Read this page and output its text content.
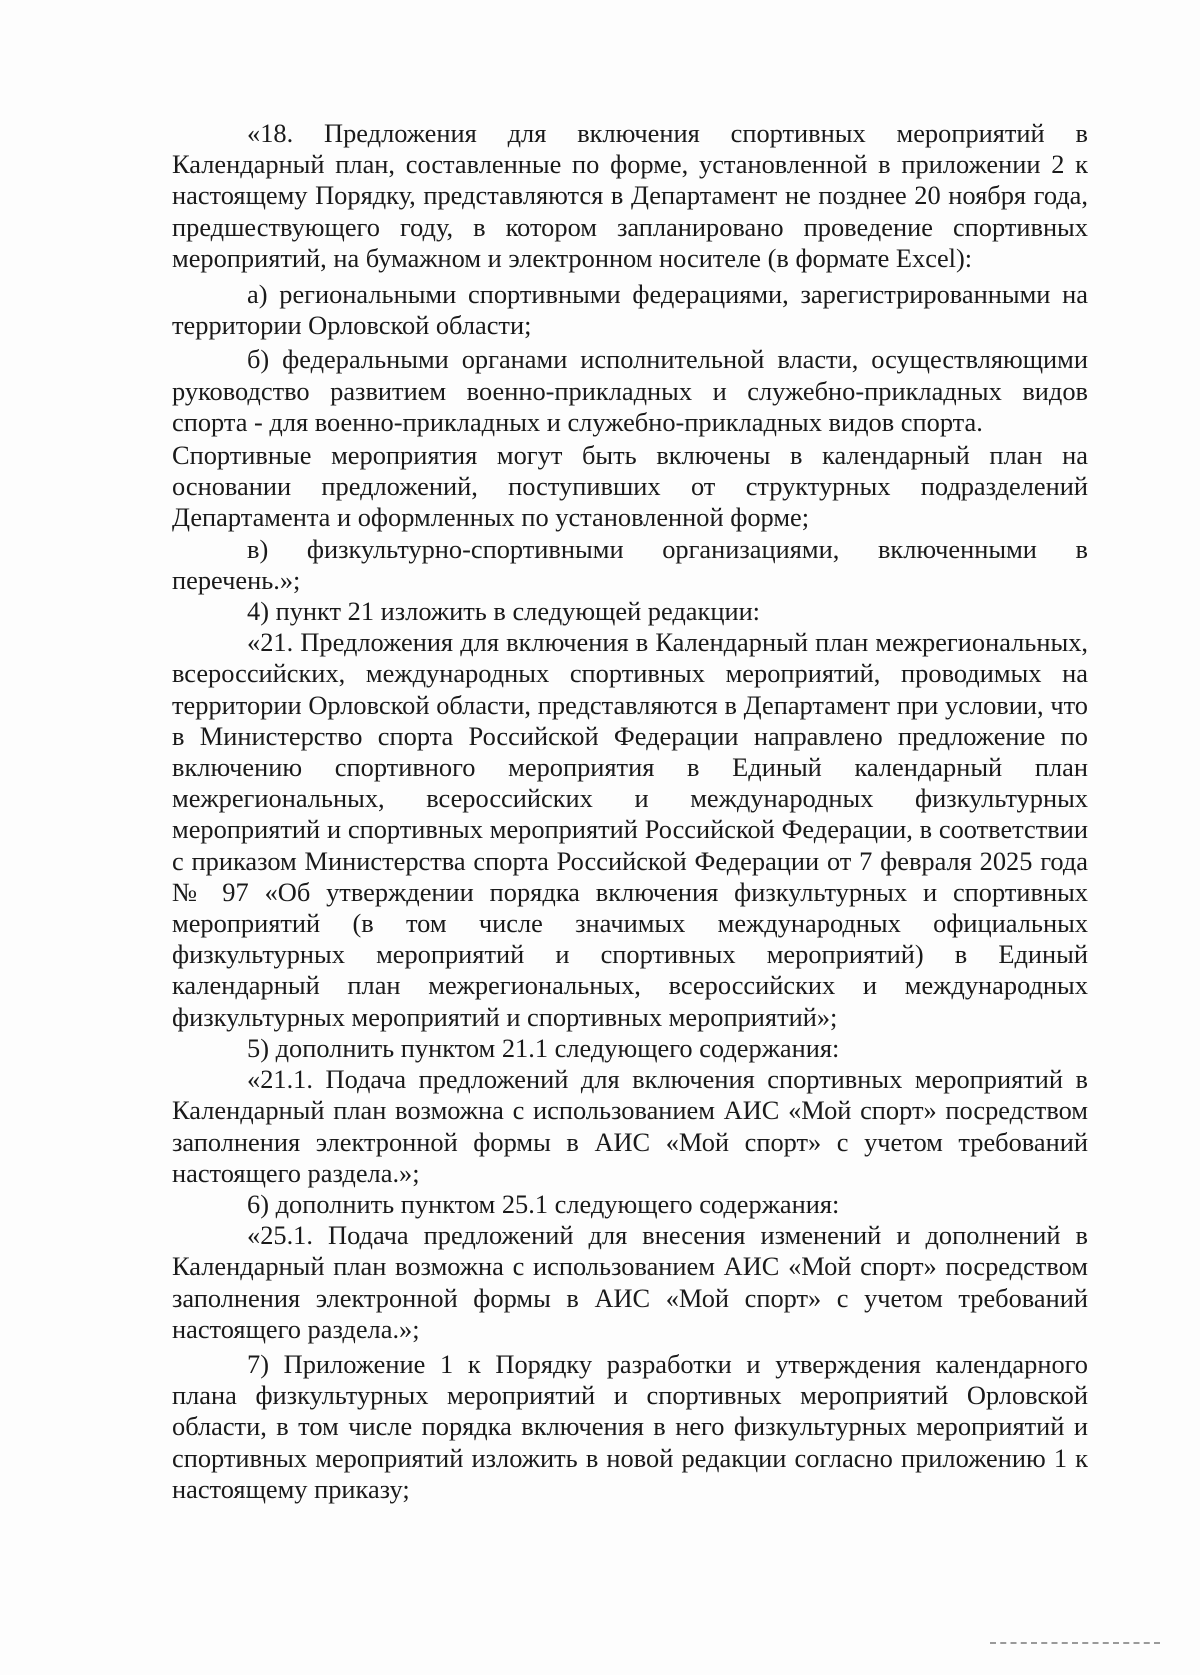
«18. Предложения для включения спортивных мероприятий в Календарный план, составленные по форме, установленной в приложении 2 к настоящему Порядку, представляются в Департамент не позднее 20 ноября года, предшествующего году, в котором запланировано проведение спортивных мероприятий, на бумажном и электронном носителе (в формате Excel):

а) региональными спортивными федерациями, зарегистрированными на территории Орловской области;

б) федеральными органами исполнительной власти, осуществляющими руководство развитием военно-прикладных и служебно-прикладных видов спорта - для военно-прикладных и служебно-прикладных видов спорта.

Спортивные мероприятия могут быть включены в календарный план на основании предложений, поступивших от структурных подразделений Департамента и оформленных по установленной форме;

в) физкультурно-спортивными организациями, включенными в перечень.»;

4) пункт 21 изложить в следующей редакции:

«21. Предложения для включения в Календарный план межрегиональных, всероссийских, международных спортивных мероприятий, проводимых на территории Орловской области, представляются в Департамент при условии, что в Министерство спорта Российской Федерации направлено предложение по включению спортивного мероприятия в Единый календарный план межрегиональных, всероссийских и международных физкультурных мероприятий и спортивных мероприятий Российской Федерации, в соответствии с приказом Министерства спорта Российской Федерации от 7 февраля 2025 года № 97 «Об утверждении порядка включения физкультурных и спортивных мероприятий (в том числе значимых международных официальных физкультурных мероприятий и спортивных мероприятий) в Единый календарный план межрегиональных, всероссийских и международных физкультурных мероприятий и спортивных мероприятий»;

5) дополнить пунктом 21.1 следующего содержания:

«21.1. Подача предложений для включения спортивных мероприятий в Календарный план возможна с использованием АИС «Мой спорт» посредством заполнения электронной формы в АИС «Мой спорт» с учетом требований настоящего раздела.»;

6) дополнить пунктом 25.1 следующего содержания:

«25.1. Подача предложений для внесения изменений и дополнений в Календарный план возможна с использованием АИС «Мой спорт» посредством заполнения электронной формы в АИС «Мой спорт» с учетом требований настоящего раздела.»;

7) Приложение 1 к Порядку разработки и утверждения календарного плана физкультурных мероприятий и спортивных мероприятий Орловской области, в том числе порядка включения в него физкультурных мероприятий и спортивных мероприятий изложить в новой редакции согласно приложению 1 к настоящему приказу;
